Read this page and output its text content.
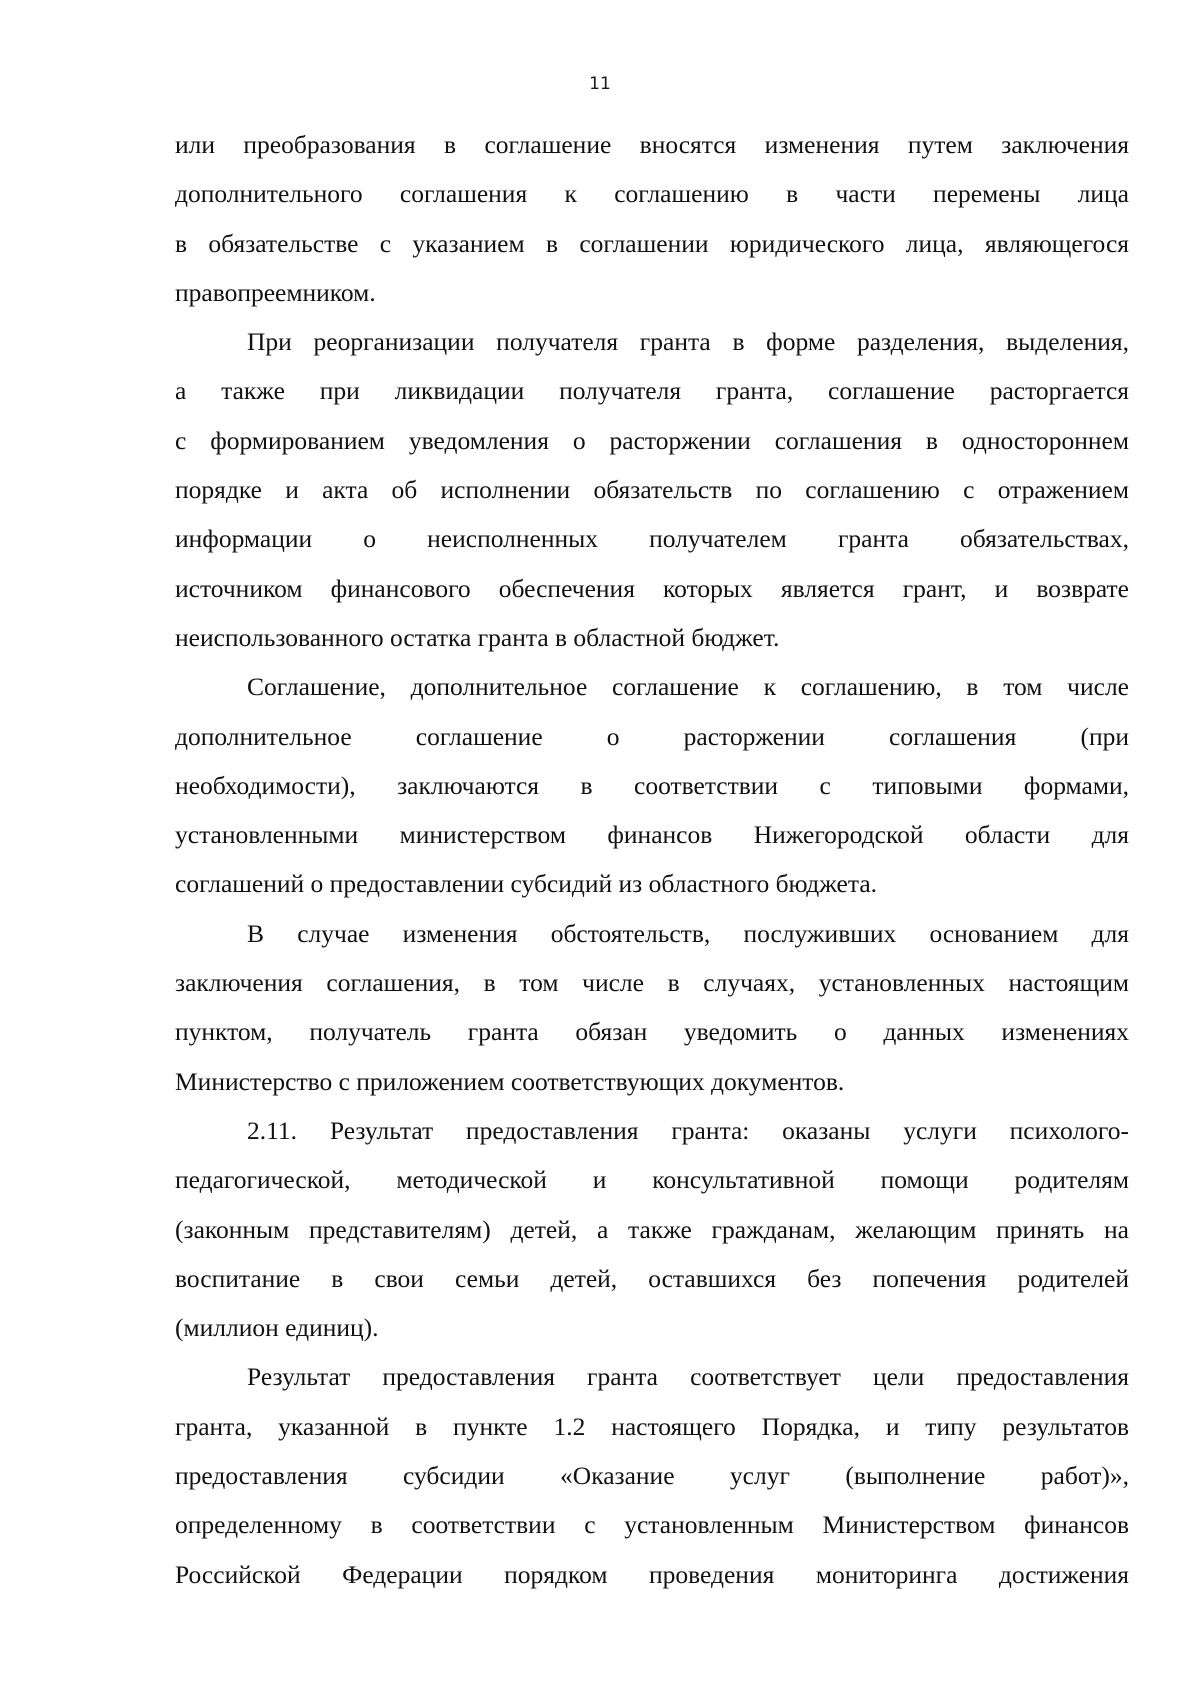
11

или преобразования в соглашение вносятся изменения путем заключения

дополнительного соглашения к соглашению в части перемены лица

в обязательстве с указанием в соглашении юридического лица, являющегося

правопреемником.

При реорганизации получателя гранта в форме разделения, выделения,

а также при ликвидации получателя гранта, соглашение расторгается

с формированием уведомления о расторжении соглашения в одностороннем

порядке и акта об исполнении обязательств по соглашению с отражением

информации о неисполненных получателем гранта обязательствах,

источником финансового обеспечения которых является грант, и возврате

неиспользованного остатка гранта в областной бюджет.

Соглашение, дополнительное соглашение к соглашению, в том числе

дополнительное соглашение о расторжении соглашения (при

необходимости), заключаются в соответствии с типовыми формами,

установленными министерством финансов Нижегородской области для

соглашений о предоставлении субсидий из областного бюджета.

В случае изменения обстоятельств, послуживших основанием для

заключения соглашения, в том числе в случаях, установленных настоящим

пунктом, получатель гранта обязан уведомить о данных изменениях

Министерство с приложением соответствующих документов.

2.11. Результат предоставления гранта: оказаны услуги психолого-

педагогической, методической и консультативной помощи родителям

(законным представителям) детей, а также гражданам, желающим принять на

воспитание в свои семьи детей, оставшихся без попечения родителей

(миллион единиц).

Результат предоставления гранта соответствует цели предоставления

гранта, указанной в пункте 1.2 настоящего Порядка, и типу результатов

предоставления субсидии «Оказание услуг (выполнение работ)»,

определенному в соответствии с установленным Министерством финансов

Российской Федерации порядком проведения мониторинга достижения
